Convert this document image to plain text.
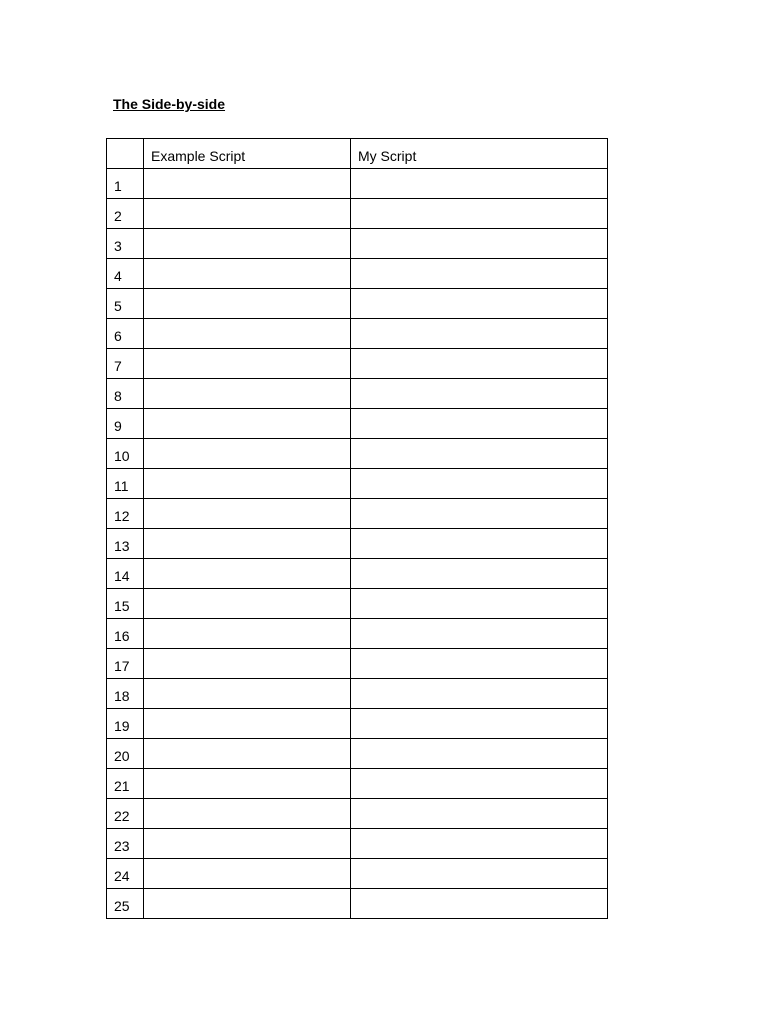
The Side-by-side
	Example Script	My Script
1		
2		
3		
4		
5		
6		
7		
8		
9		
10		
11		
12		
13		
14		
15		
16		
17		
18		
19		
20		
21		
22		
23		
24		
25		
